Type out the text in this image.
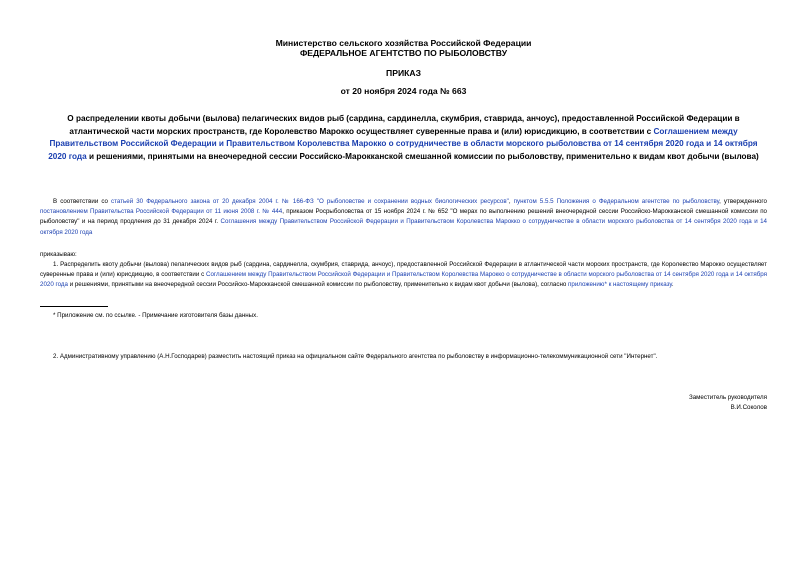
Министерство сельского хозяйства Российской Федерации
ФЕДЕРАЛЬНОЕ АГЕНТСТВО ПО РЫБОЛОВСТВУ
ПРИКАЗ
от 20 ноября 2024 года № 663
О распределении квоты добычи (вылова) пелагических видов рыб (сардина, сардинелла, скумбрия, ставрида, анчоус), предоставленной Российской Федерации в атлантической части морских пространств, где Королевство Марокко осуществляет суверенные права и (или) юрисдикцию, в соответствии с Соглашением между Правительством Российской Федерации и Правительством Королевства Марокко о сотрудничестве в области морского рыболовства от 14 сентября 2020 года и 14 октября 2020 года и решениями, принятыми на внеочередной сессии Российско-Марокканской смешанной комиссии по рыболовству, применительно к видам квот добычи (вылова)
В соответствии со статьей 30 Федерального закона от 20 декабря 2004 г. № 166-ФЗ "О рыболовстве и сохранении водных биологических ресурсов", пунктом 5.5.5 Положения о Федеральном агентстве по рыболовству, утвержденного постановлением Правительства Российской Федерации от 11 июня 2008 г. № 444, приказом Росрыболовства от 15 ноября 2024 г. № 652 "О мерах по выполнению решений внеочередной сессии Российско-Марокканской смешанной комиссии по рыболовству" и на период продления до 31 декабря 2024 г. Соглашения между Правительством Российской Федерации и Правительством Королевства Марокко о сотрудничестве в области морского рыболовства от 14 сентября 2020 года и 14 октября 2020 года
приказываю:
1. Распределить квоту добычи (вылова) пелагических видов рыб (сардина, сардинелла, скумбрия, ставрида, анчоус), предоставленной Российской Федерации в атлантической части морских пространств, где Королевство Марокко осуществляет суверенные права и (или) юрисдикцию, в соответствии с Соглашением между Правительством Российской Федерации и Правительством Королевства Марокко о сотрудничестве в области морского рыболовства от 14 сентября 2020 года и 14 октября 2020 года и решениями, принятыми на внеочередной сессии Российско-Марокканской смешанной комиссии по рыболовству, применительно к видам квот добычи (вылова), согласно приложению* к настоящему приказу.
* Приложение см. по ссылке. - Примечание изготовителя базы данных.
2. Административному управлению (А.Н.Господарев) разместить настоящий приказ на официальном сайте Федерального агентства по рыболовству в информационно-телекоммуникационной сети "Интернет".
Заместитель руководителя
В.И.Соколов
